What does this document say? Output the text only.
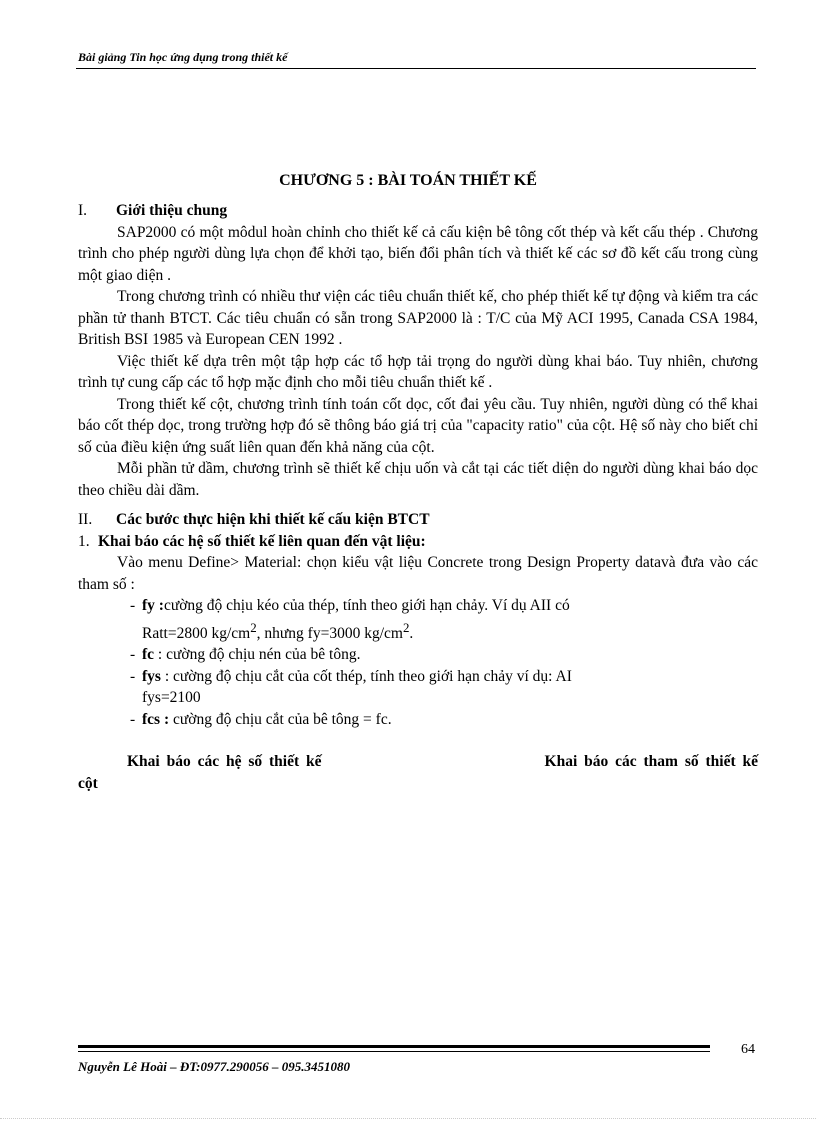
Bài giảng Tin học ứng dụng trong thiết kế
CHƯƠNG 5 : BÀI TOÁN THIẾT KẾ

I.	Giới thiệu chung

SAP2000 có một môdul hoàn chỉnh cho thiết kế cả cấu kiện bê tông cốt thép và kết cấu thép . Chương trình cho phép người dùng lựa chọn để khởi tạo, biến đổi phân tích và thiết kế các sơ đồ kết cấu trong cùng một giao diện .

Trong chương trình có nhiều thư viện các tiêu chuẩn thiết kế, cho phép thiết kế tự động và kiểm tra các phần tử thanh BTCT. Các tiêu chuẩn có sẵn trong SAP2000 là : T/C của Mỹ ACI 1995, Canada CSA 1984, British BSI 1985 và European CEN 1992 .

Việc thiết kế dựa trên một tập hợp các tổ hợp tải trọng do người dùng khai báo. Tuy nhiên, chương trình tự cung cấp các tổ hợp mặc định cho mỗi tiêu chuẩn thiết kế .

Trong thiết kế cột, chương trình tính toán cốt dọc, cốt đai yêu cầu. Tuy nhiên, người dùng có thể khai báo cốt thép dọc, trong trường hợp đó sẽ thông báo giá trị của "capacity ratio" của cột. Hệ số này cho biết chỉ số của điều kiện ứng suất liên quan đến khả năng của cột.

Mỗi phần tử dầm, chương trình sẽ thiết kế chịu uốn và cắt tại các tiết diện do người dùng khai báo dọc theo chiều dài dầm.

II.	Các bước thực hiện khi thiết kế cấu kiện BTCT

1. Khai báo các hệ số thiết kế liên quan đến vật liệu:

Vào menu Define> Material: chọn kiểu vật liệu Concrete trong Design Property datavà đưa vào các tham số :

- fy :cường độ chịu kéo của thép, tính theo giới hạn chảy. Ví dụ AII có
Ratt=2800 $kg/cm^2$, nhưng fy=3000 $kg/cm^2$.
- fc : cường độ chịu nén của bê tông.
- fys : cường độ chịu cắt của cốt thép, tính theo giới hạn chảy ví dụ: AI
fys=2100
- fcs : cường độ chịu cắt của bê tông = fc.
Khai báo các hệ số thiết kế	Khai báo các tham số thiết kế

cột

64
Nguyễn Lê Hoài – ĐT:0977.290056 – 095.3451080
